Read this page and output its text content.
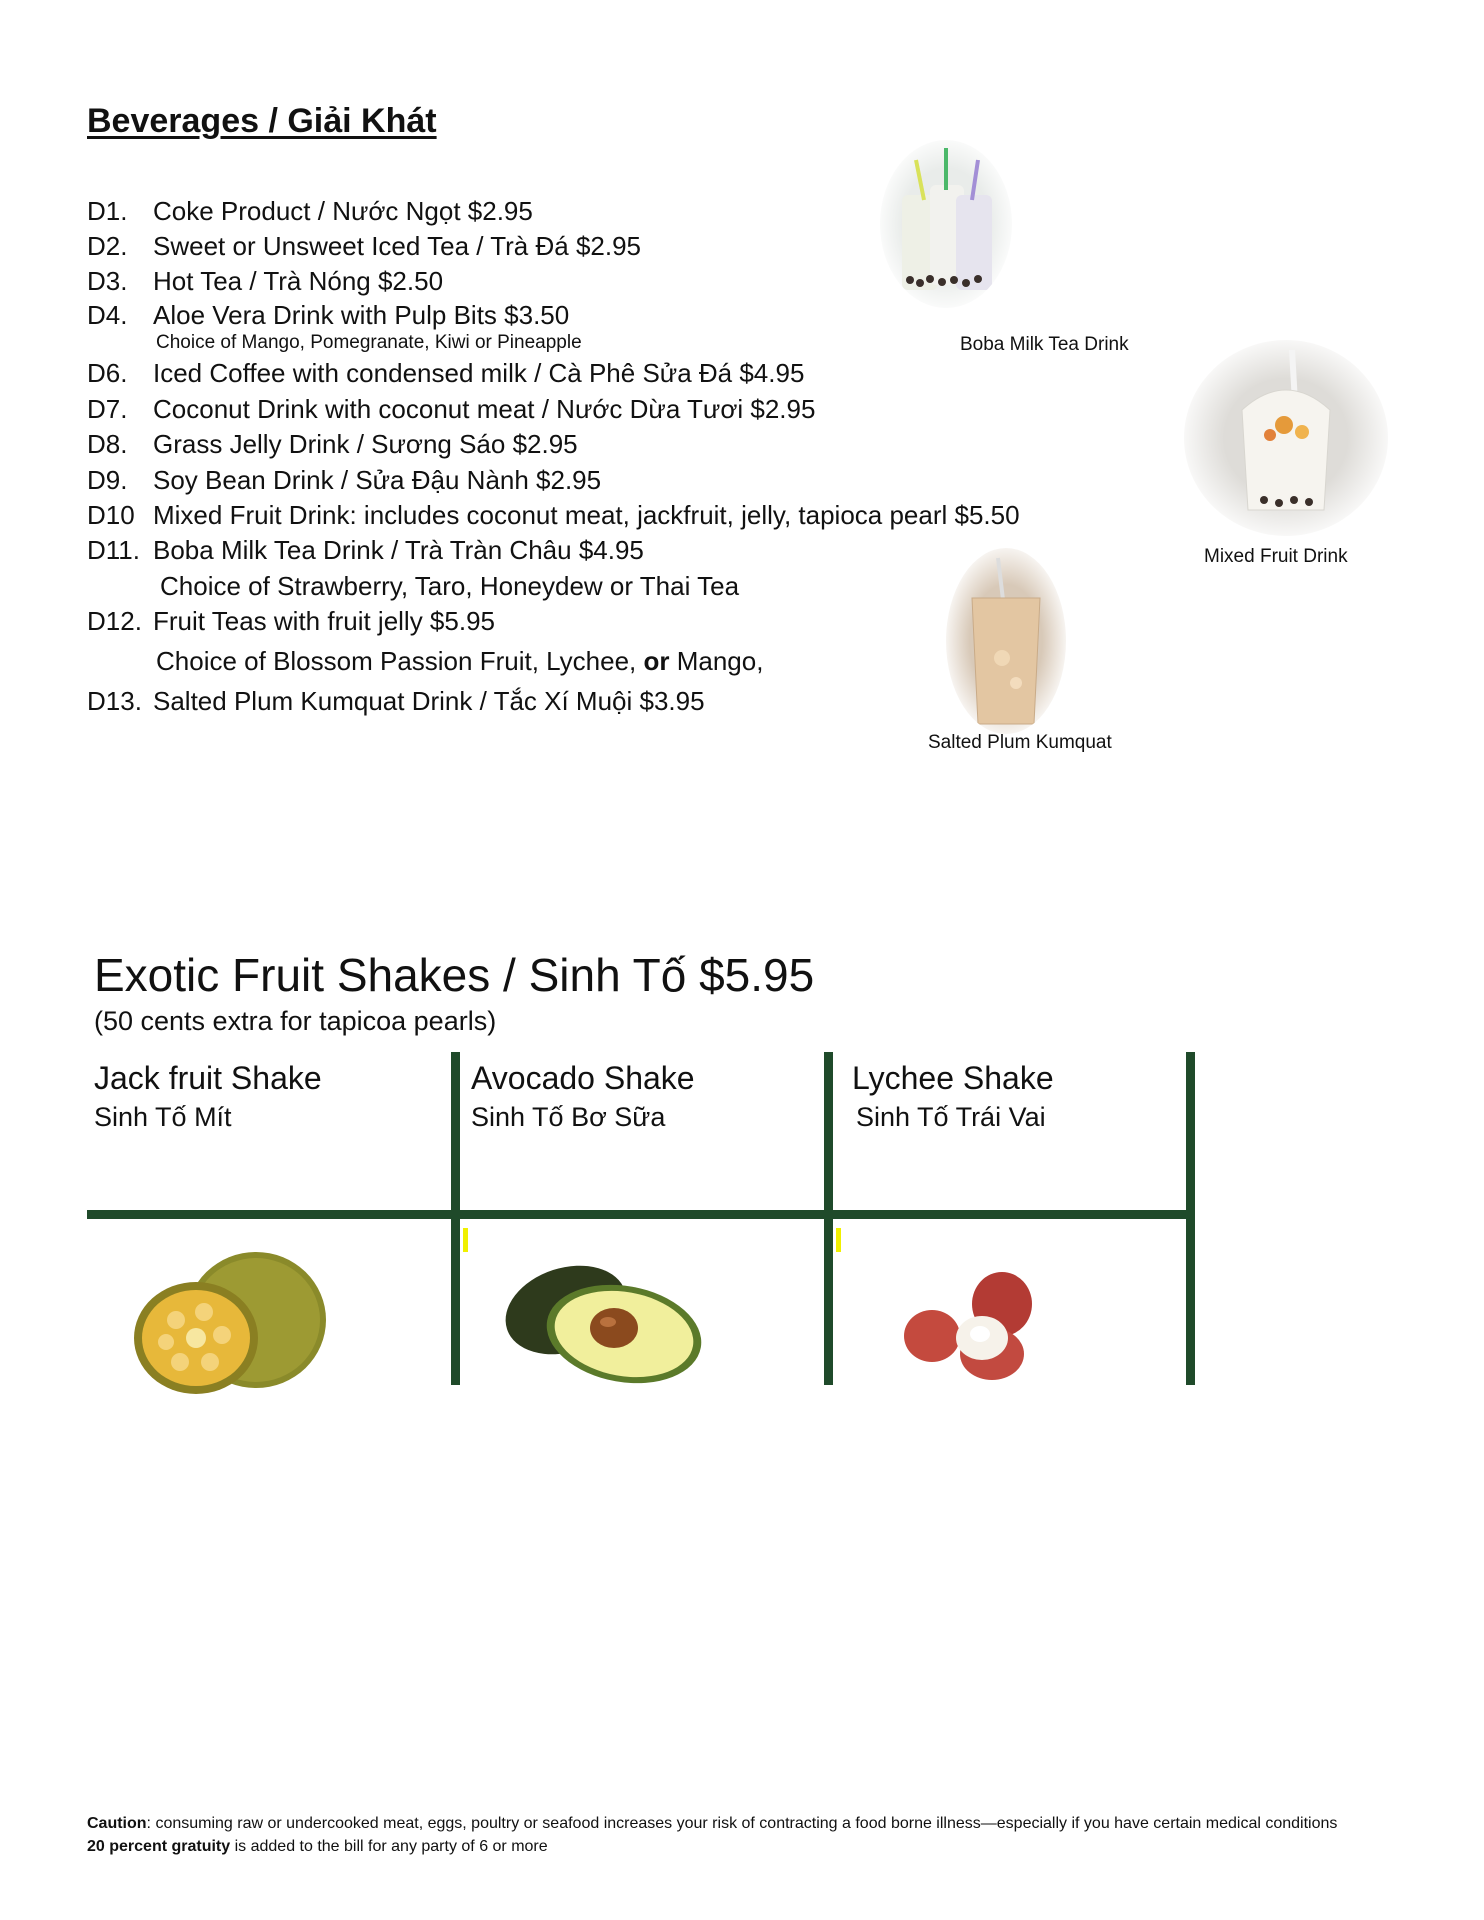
Beverages / Giải Khát
D1. Coke Product / Nước Ngọt $2.95
D2. Sweet or Unsweet Iced Tea / Trà Đá $2.95
D3. Hot Tea / Trà Nóng $2.50
D4. Aloe Vera Drink with Pulp Bits $3.50
Choice of Mango, Pomegranate, Kiwi or Pineapple
D6. Iced Coffee with condensed milk / Cà Phê Sửa Đá $4.95
D7. Coconut Drink with coconut meat / Nước Dừa Tươi $2.95
D8. Grass Jelly Drink / Sương Sáo $2.95
D9. Soy Bean Drink / Sửa Đậu Nành $2.95
D10 Mixed Fruit Drink: includes coconut meat, jackfruit, jelly, tapioca pearl $5.50
D11. Boba Milk Tea Drink / Trà Tràn Châu $4.95
Choice of Strawberry, Taro, Honeydew or Thai Tea
D12. Fruit Teas with fruit jelly $5.95
Choice of Blossom Passion Fruit, Lychee, or Mango,
D13. Salted Plum Kumquat Drink / Tắc Xí Muội $3.95
Boba Milk Tea Drink
Mixed Fruit Drink
Salted Plum Kumquat
Exotic Fruit Shakes / Sinh Tố $5.95
(50 cents extra for tapicoa pearls)
Jack fruit Shake
Sinh Tố Mít
Avocado Shake
Sinh Tố Bơ Sữa
Lychee Shake
Sinh Tố Trái Vai
Caution: consuming raw or undercooked meat, eggs, poultry or seafood increases your risk of contracting a food borne illness—especially if you have certain medical conditions
20 percent gratuity is added to the bill for any party of 6 or more
